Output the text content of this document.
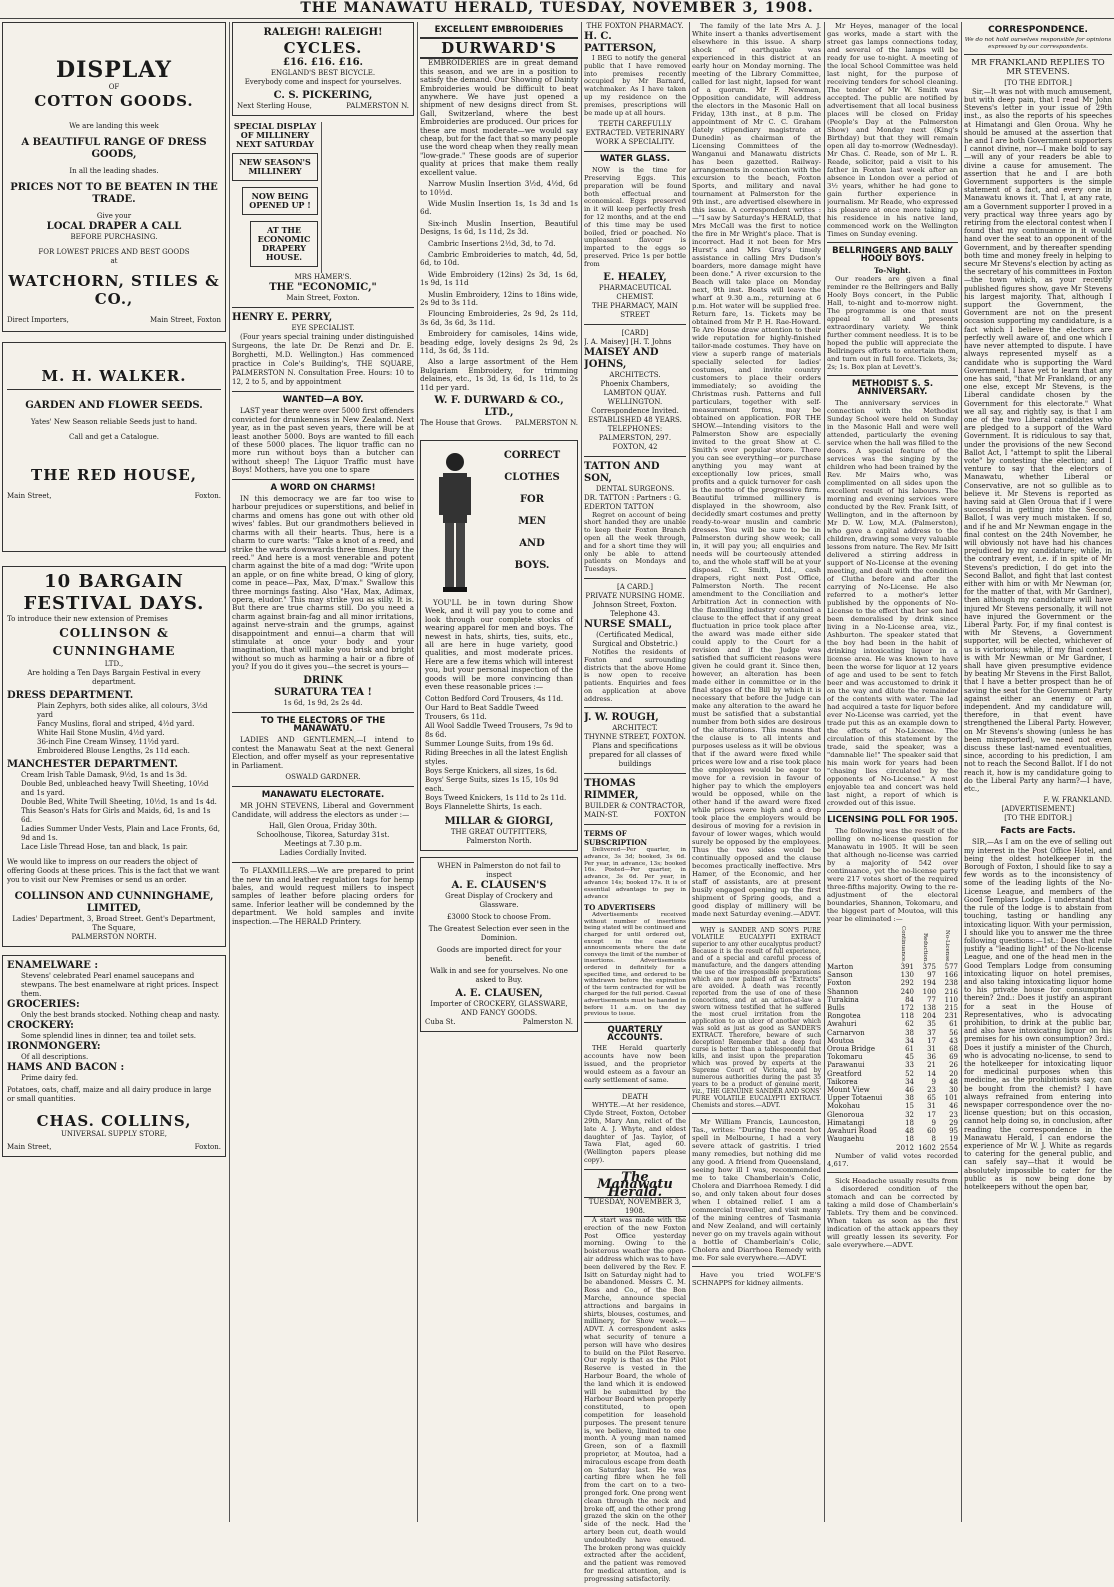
THE MANAWATU HERALD, TUESDAY, NOVEMBER 3, 1908.
DISPLAY
OF
COTTON GOODS.
We are landing this week
A BEAUTIFUL RANGE OF DRESS GOODS,
In all the leading shades.
PRICES NOT TO BE BEATEN IN THE TRADE.
Give your
LOCAL DRAPER A CALL
BEFORE PURCHASING.
FOR LOWEST PRICES AND BEST GOODS
at
WATCHORN, STILES & CO.,
Direct Importers,	Main Street, Foxton
M. H. WALKER.
GARDEN AND FLOWER SEEDS.
Yates' New Season reliable Seeds just to hand.
Call and get a Catalogue.
THE RED HOUSE,
Main Street,	Foxton.
10 BARGAIN FESTIVAL DAYS.
To introduce their new extension of Premises
COLLINSON & CUNNINGHAME
LTD.,
Are holding a Ten Days Bargain Festival in every department.
DRESS DEPARTMENT.
Plain Zephyrs, both sides alike, all colours, 3½d yard
Fancy Muslins, floral and striped, 4½d yard.
White Hail Stone Muslin, 4½d yard.
36-inch Fine Cream Winsey, 11½d yard.
Embroidered Blouse Lengths, 2s 11d each.
MANCHESTER DEPARTMENT.
Cream Irish Table Damask, 9½d, 1s and 1s 3d.
Double Bed, unbleached heavy Twill Sheeting, 10½d and 1s yard.
Double Bed, White Twill Sheeting, 10½d, 1s and 1s 4d.
This Season's Hats for Girls and Maids, 6d, 1s and 1s 6d.
Ladies Summer Under Vests, Plain and Lace Fronts, 6d, 9d and 1s.
Lace Lisle Thread Hose, tan and black, 1s pair.
We would like to impress on our readers the object of offering Goods at these prices. This is the fact that we want you to visit our New Premises or send us an order.
COLLINSON AND CUNNINGHAME, LIMITED,
Ladies' Department, 3, Broad Street. Gent's Department, The Square,
PALMERSTON NORTH.
ENAMELWARE :
Stevens' celebrated Pearl enamel saucepans and stewpans. The best enamelware at right prices. Inspect them.
GROCERIES:
Only the best brands stocked. Nothing cheap and nasty.
CROCKERY:
Some splendid lines in dinner, tea and toilet sets.
IRONMONGERY:
Of all descriptions.
HAMS AND BACON :
Prime dairy fed.
Potatoes, oats, chaff, maize and all dairy produce in large or small quantities.
CHAS. COLLINS,
UNIVERSAL SUPPLY STORE,
Main Street,	Foxton.
RALEIGH! RALEIGH!
CYCLES.
£16. £16. £16.
ENGLAND'S BEST BICYCLE.
Everybody come and inspect for yourselves.
C. S. PICKERING,
Next Sterling House,	PALMERSTON N.
SPECIAL DISPLAY OF MILLINERY NEXT SATURDAY
NEW SEASON'S MILLINERY
NOW BEING OPENED UP !
AT THE ECONOMIC DRAPERY HOUSE.
MRS HAMER'S.
THE "ECONOMIC,"
Main Street, Foxton.
HENRY E. PERRY,
EYE SPECIALIST.

(Four years special training under distinguished Surgeons, the late Dr. De Renzi and Dr. E. Borghetti, M.D. Wellington.) Has commenced practice in Cole's Building's, THE SQUARE, PALMERSTON N. Consultation Free. Hours: 10 to 12, 2 to 5, and by appointment

WANTED—A BOY.

LAST year there were over 5000 first offenders convicted for drunkenness in New Zealand. Next year, as in the past seven years, there will be at least another 5000. Boys are wanted to fill each of these 5000 places. The liquor traffic can no more run without boys than a butcher can without sheep! The Liquor Traffic must have Boys! Mothers, have you one to spare

A WORD ON CHARMS!

IN this democracy we are far too wise to harbour prejudices or superstitions, and belief in charms and omens has gone out with other old wives' fables. But our grandmothers believed in charms with all their hearts. Thus, here is a charm to cure warts: "Take a knot of a reed, and strike the warts downwards three times. Bury the reed." And here is a most venerable and potent charm against the bite of a mad dog: "Write upon an apple, or on fine white bread, O king of glory, come in peace—Pax, Max, D'max." Swallow this three mornings fasting. Also "Hax, Max, Adimax, opera, eludor." This may strike you as silly. It is. But there are true charms still. Do you need a charm against brain-fag and all minor irritations, against nerve-strain and the grumps, against disappointment and ennui—a charm that will stimulate at once your body and your imagination, that will make you brisk and bright without so much as harming a hair or a fibre of you? If you do it gives you—the secret is yours—

DRINK
SURATURA TEA !
1s 6d, 1s 9d, 2s 2s 4d.
TO THE ELECTORS OF THE MANAWATU.

LADIES AND GENTLEMEN,—I intend to contest the Manawatu Seat at the next General Election, and offer myself as your representative in Parliament.

OSWALD GARDNER.
MANAWATU ELECTORATE.

MR JOHN STEVENS, Liberal and Government Candidate, will address the electors as under :—

Hall, Glen Oroua, Friday 30th.
Schoolhouse, Tikorea, Saturday 31st.
Meetings at 7.30 p.m.
Ladies Cordially Invited.

To FLAXMILLERS.—We are prepared to print the new tin and leather regulation tags for hemp bales, and would request millers to inspect samples of leather before placing orders for same. Inferior leather will be condemned by the department. We hold samples and invite inspection.—The HERALD Printery.

EXCELLENT EMBROIDERIES
DURWARD'S

EMBROIDERIES are in great demand this season, and we are in a position to satisfy the demand. Our Showing of Dainty Embroideries would be difficult to beat anywhere. We have just opened a shipment of new designs direct from St. Gall, Switzerland, where the best Embroideries are produced. Our prices for these are most moderate—we would say cheap, but for the fact that so many people use the word cheap when they really mean "low-grade." These goods are of superior quality at prices that make them really excellent value.

Narrow Muslin Insertion 3½d, 4½d, 6d to 10½d.

Wide Muslin Insertion 1s, 1s 3d and 1s 6d.

Six-inch Muslin Insertion, Beautiful Designs, 1s 6d, 1s 11d, 2s 3d.

Cambric Insertions 2½d, 3d, to 7d.

Cambric Embroideries to match, 4d, 5d, 6d, to 10d.

Wide Embroidery (12ins) 2s 3d, 1s 6d, 1s 9d, 1s 11d

Muslin Embroidery, 12ins to 18ins wide, 2s 9d to 3s 11d.

Flouncing Embroideries, 2s 9d, 2s 11d, 3s 6d, 3s 6d, 3s 11d.

Embroidery for camisoles, 14ins wide, beading edge, lovely designs 2s 9d, 2s 11d, 3s 6d, 3s 11d.

Also a large assortment of the Hem Bulgariam Embroidery, for trimming delaines, etc., 1s 3d, 1s 6d, 1s 11d, to 2s 11d per yard.

W. F. DURWARD & CO., LTD.,
The House that Grows. PALMERSTON N.
CORRECT
CLOTHES
FOR
MEN
AND
BOYS.

YOU'LL be in town during Show Week, and it will pay you to come and look through our complete stocks of wearing apparel for men and boys. The newest in hats, shirts, ties, suits, etc., all are here in huge variety, good qualities, and most moderate prices. Here are a few items which will interest you, but your personal inspection of the goods will be more convincing than even these reasonable prices :—

Cotton Bedford Cord Trousers, 4s 11d.
Our Hard to Beat Saddle Tweed Trousers, 6s 11d.
All Wool Saddle Tweed Trousers, 7s 9d to 8s 6d.
Summer Lounge Suits, from 19s 6d.
Riding Breeches in all the latest English styles.
Boys Serge Knickers, all sizes, 1s 6d.
Boys' Serge Suits, sizes 1s 15, 10s 9d each.
Boys Tweed Knickers, 1s 11d to 2s 11d.
Boys Flannelette Shirts, 1s each.
MILLAR & GIORGI,
THE GREAT OUTFITTERS,
Palmerston North.
WHEN in Palmerston do not fail to inspect
A. E. CLAUSEN'S
Great Display of Crockery and Glassware.
£3000 Stock to choose From.
The Greatest Selection ever seen in the Dominion.
Goods are imported direct for your benefit.
Walk in and see for yourselves. No one asked to Buy.
A. E. CLAUSEN,
Importer of CROCKERY, GLASSWARE, AND FANCY GOODS.
Cuba St.	Palmerston N.
THE FOXTON PHARMACY.
H. C. PATTERSON,

I BEG to notify the general public that I have removed into premises recently occupied by Mr Barnard, watchmaker. As I have taken up my residence on the premises, prescriptions will be made up at all hours.

TEETH CAREFULLY EXTRACTED. VETERINARY WORK A SPECIALITY.
WATER GLASS.

NOW is the time for Preserving Eggs. This preparation will be found both effectual and economical. Eggs preserved in it will keep perfectly fresh for 12 months, and at the end of this time may be used boiled, fried or poached. No unpleasant flavour is imparted to the eggs so preserved. Price 1s per bottle from

E. HEALEY,
PHARMACEUTICAL CHEMIST.
THE PHARMACY, MAIN STREET
[CARD]
J. A. Maisey] [H. T. Johns
MAISEY AND JOHNS,
ARCHITECTS.
Phoenix Chambers,
LAMBTON QUAY. WELLINGTON.
Correspondence Invited.
ESTABLISHED 48 YEARS.
TELEPHONES:
PALMERSTON, 297. FOXTON, 42
TATTON AND SON,
DENTAL SURGEONS.
DR. TATTON : Partners : G. EDERTON TATTON

Regret on account of being short handed they are unable to keep their Foxton Branch open all the week through, and for a short time they will only be able to attend patients on Mondays and Tuesdays.

[A CARD.]
PRIVATE NURSING HOME.
Johnson Street, Foxton.
Telephone 43.
NURSE SMALL,
(Certificated Medical, Surgical and Obstetric.)

Notifies the residents of Foxton and surrounding districts that the above Home is now open to receive patients. Enquiries and fees on application at above address.

J. W. ROUGH,
ARCHITECT.
THYNNE STREET, FOXTON.
Plans and specifications prepared for all classes of buildings
THOMAS RIMMER,
BUILDER & CONTRACTOR,
MAIN-ST.	FOXTON
TERMS OF SUBSCRIPTION

Delivered—Per quarter, in advance, 3s 3d; booked, 3s 6d. Per year, in advance, 13s; booked 16s. Posted—Per quarter, in advance, 3s 6d. Per year, in advance 14s; booked 17s. It is of essential advantage to pay in advance

TO ADVERTISERS

Advertisements received without number of insertions being stated will be continued and charged for until ordered out, except in the case of announcements where the date conveys the limit of the number of insertions. Advertisements ordered in definitely for a specified time, and ordered to be withdrawn before the expiration of the term contracted for will be charged for the full period. Casual advertisements must be handed in before 11 a.m. on the day previous to issue.

QUARTERLY ACCOUNTS.

THE Herald quarterly accounts have now been issued, and the proprietor would esteem as a favour an early settlement of same.

DEATH

WHYTE.—At her residence, Clyde Street, Foxton, October 29th, Mary Ann, relict of the late A. J. Whyte, and eldest daughter of Jas. Taylor, of Tawa Flat, aged 60. (Wellington papers please copy).

The Manawatu Herald.
TUESDAY, NOVEMBER 3, 1908.

A start was made with the erection of the new Foxton Post Office yesterday morning. Owing to the boisterous weather the open-air address which was to have been delivered by the Rev. F. Isitt on Saturday night had to be abandoned. Messrs C. M. Ross and Co., of the Bon Marche, announce special attractions and bargains in shirts, blouses, costumes, and millinery, for Show week.—ADVT. A correspondent asks what security of tenure a person will have who desires to build on the Pilot Reserve. Our reply is that as the Pilot Reserve is vested in the Harbour Board, the whole of the land which it is endowed will be submitted by the Harbour Board when properly constituted, to open competition for leasehold purposes. The present tenure is, we believe, limited to one month. A young man named Green, son of a flaxmill proprietor, at Moutoa, had a miraculous escape from death on Saturday last. He was carting fibre when he fell from the cart on to a two-pronged fork. One prong went clean through the neck and broke off, and the other prong grazed the skin on the other side of the neck. Had the artery been cut, death would undoubtedly have ensued. The broken prong was quickly extracted after the accident, and the patient was removed for medical attention, and is progressing satisfactorily.

The family of the late Mrs A. J. White insert a thanks advertisement elsewhere in this issue. A sharp shock of earthquake was experienced in this district at an early hour on Monday morning. The meeting of the Library Committee, called for last night, lapsed for want of a quorum. Mr F. Newman, Opposition candidate, will address the electors in the Masonic Hall on Friday, 13th inst., at 8 p.m. The appointment of Mr C. C. Graham (lately stipendiary magistrate at Dunedin) as chairman of the Licensing Committees of the Wanganui and Manawatu districts has been gazetted. Railway-arrangements in connection with the excursion to the beach, Foxton Sports, and military and naval tournament at Palmerston for the 9th inst., are advertised elsewhere in this issue. A correspondent writes :—"I saw by Saturday's HERALD, that Mrs McCall was the first to notice the fire in Mr Wright's place. That is incorrect. Had it not been for Mrs Hurst's and Mrs Gray's timely assistance in calling Mrs Dudson's boarders, more damage might have been done." A river excursion to the Beach will take place on Monday next, 9th inst. Boats will leave the wharf at 9.30 a.m., returning at 6 p.m. Hot water will be supplied free. Return fare, 1s. Tickets may be obtained from Mr P. H. Rae-Howard. Te Aro House draw attention to their wide reputation for highly-finished tailor-made costumes. They have on view a superb range of materials specially selected for ladies' costumes, and invite country customers to place their orders immediately; so avoiding the Christmas rush. Patterns and full particulars, together with self-measurement forms, may be obtained on application. FOR THE SHOW.—Intending visitors to the Palmerston Show are especially invited to the great Show at C. Smith's ever popular store. There you can see everything—or purchase anything you may want at exceptionally low prices, small profits and a quick turnover for cash is the motto of the progressive firm. Beautiful trimmed millinery is displayed in the showroom, also decidedly smart costumes and pretty ready-to-wear muslin and cambric dresses. You will be sure to be in Palmerston during show week; call in, it will pay you; all enquiries and needs will be courteously attended to, and the whole staff will be at your disposal. C. Smith, Ltd., cash drapers, right next Post Office, Palmerston North. The recent amendment to the Conciliation and Arbitration Act in connection with the flaxmilling industry contained a clause to the effect that if any great fluctuation in price took place after the award was made either side could apply to the Court for a revision and if the Judge was satisfied that sufficient reasons were given he could grant it. Since then, however, an alteration has been made either in committee or in the final stages of the Bill by which it is necessary that before the Judge can make any alteration to the award he must be satisfied that a substantial number from both sides are desirous of the alterations. This means that the clause is to all intents and purposes useless as it will be obvious that if the award were fixed while prices were low and a rise took place the employees would be eager to move for a revision in favour of higher pay to which the employers would be opposed, while on the other hand if the award were fixed while prices were high and a drop took place the employers would be desirous of moving for a revision in favour of lower wages, which would surely be opposed by the employees. Thus the two sides would be continually opposed and the clause becomes practically ineffective. Mrs Hamer, of the Economic, and her staff of assistants, are at present busily engaged opening up the first shipment of Spring goods, and a good display of millinery will be made next Saturday evening.—ADVT.

WHY is SANDER AND SON'S PURE VOLATILE EUCALYPTI EXTRACT superior to any other eucalyptus product? Because it is the result of full experience, and of a special and careful process of manufacture, and the dangers attending the use of the irresponsible preparations which are now palmed off as "Extracts" are avoided. A death was recently reported from the use of one of these concoctions, and at an action-at-law a sworn witness testified that he suffered the most cruel irritation from the application to an ulcer of another which was sold as just as good as SANDER'S EXTRACT. Therefore, beware of such deception! Remember that a deep foul curse is better than a tablespoonful that kills, and insist upon the preparation which was proved by experts at the Supreme Court of Victoria, and by numerous authorities during the past 35 years to be a product of genuine merit, viz., THE GENUINE SANDER AND SONS' PURE VOLATILE EUCALYPTI EXTRACT. Chemists and stores.—ADVT.

Mr William Francis, Launceston, Tas., writes: "During the recent hot spell in Melbourne, I had a very severe attack of gastritis. I tried many remedies, but nothing did me any good. A friend from Queensland, seeing how ill I was, recommended me to take Chamberlain's Colic, Cholera and Diarrhoea Remedy. I did so, and only taken about four doses when I obtained relief. I am a commercial traveller, and visit many of the mining centres of Tasmania and New Zealand, and will certainly never go on my travels again without a bottle of Chamberlain's Colic, Cholera and Diarrhoea Remedy with me. For sale everywhere.—ADVT.

Have you tried WOLFE'S SCHNAPPS for kidney ailments.

Mr Heyes, manager of the local gas works, made a start with the street gas lamps connections today, and several of the lamps will be ready for use to-night. A meeting of the local School Committee was held last night, for the purpose of receiving tenders for school cleaning. The tender of Mr W. Smith was accepted. The public are notified by advertisement that all local business places will be closed on Friday (People's Day at the Palmerston Show) and Monday next (King's Birthday) but that they will remain open all day to-morrow (Wednesday). Mr Chas. C. Reade, son of Mr L. R. Reade, solicitor, paid a visit to his father in Foxton last week after an absence in London over a period of 3½ years, whither he had gone to gain further experience in journalism. Mr Reade, who expressed his pleasure at once more taking up his residence in his native land, commenced work on the Wellington Times on Sunday evening.

BELLRINGERS AND BALLY HOOLY BOYS.
To-Night.

Our readers are given a final reminder re the Bellringers and Bally Hooly Boys concert, in the Public Hall, to-night and to-morrow night. The programme is one that must appeal to all and presents extraordinary variety. We think further comment needless. It is to be hoped the public will appreciate the Bellringers efforts to entertain them, and turn out in full force. Tickets, 3s; 2s; 1s. Box plan at Levett's.

METHODIST S. S. ANNIVERSARY.

The anniversary services in connection with the Methodist Sunday School were held on Sunday in the Masonic Hall and were well attended, particularly the evening service when the hall was filled to the doors. A special feature of the services was the singing by the children who had been trained by the Rev. Mr Mairs who, was complimented on all sides upon the excellent result of his labours. The morning and evening services were conducted by the Rev. Frank Isitt, of Wellington, and in the afternoon by Mr D. W. Low, M.A. (Palmerston), who gave a capital address to the children, drawing some very valuable lessons from nature. The Rev. Mr Isitt delivered a stirring address in support of No-License at the evening meeting, and dealt with the condition of Clutha before and after the carrying of No-License. He also referred to a mother's letter published by the opponents of No-License to the effect that her son had been demoralised by drink since living in a No-License area, viz., Ashburton. The speaker stated that the boy had been in the habit of drinking intoxicating liquor in a license area. He was known to have been the worse for liquor at 12 years of age and used to be sent to fetch beer and was accustomed to drink it on the way and dilute the remainder of the contents with water. The lad had acquired a taste for liquor before ever No-License was carried, yet the trade put this as an example down to the effects of No-License. The circulation of this statement by the trade, said the speaker, was a "damnable lie!" The speaker said that his main work for years had been "chasing lies circulated by the opponents of No-License." A most enjoyable tea and concert was held last night, a report of which is crowded out of this issue.

LICENSING POLL FOR 1905.

The following was the result of the polling on no-license question for Manawatu in 1905. It will be seen that although no-license was carried by a majority of 542 over continuance, yet the no-license party were 217 votes short of the required three-fifths majority. Owing to the re-adjustment of the electoral boundaries, Shannon, Tokomaru, and the biggest part of Moutoa, will this year be eliminated :—

	Continuance.	Reduction.	No-License.
Marton	391	375	577
Sanson	130	97	166
Foxton	292	194	238
Shannon	240	100	216
Turakina	84	77	110
Bulls	172	138	215
Rongotea	118	204	231
Awahuri	62	35	61
Carnarvon	38	37	56
Moutoa	34	17	43
Oroua Bridge	61	31	68
Tokomaru	45	36	69
Parawanui	33	21	26
Greatford	52	14	20
Taikorea	34	9	48
Mount View	46	23	30
Upper Totaenui	38	65	101
Mokohau	15	31	46
Glenoroua	32	17	23
Himatangi	18	9	29
Awahuri Road	48	60	95
Waugaehu	18	8	19
	2012	1602	2554

Number of valid votes recorded 4,617.

Sick Headache usually results from a disordered condition of the stomach and can be corrected by taking a mild dose of Chamberlain's Tablets. Try them and be convinced. When taken as soon as the first indication of the attack appears they will greatly lessen its severity. For sale everywhere.—ADVT.

CORRESPONDENCE.
We do not hold ourselves responsible for opinions expressed by our correspondents.
MR FRANKLAND REPLIES TO MR STEVENS.
[TO THE EDITOR.]

Sir,—It was not with much amusement, but with deep pain, that I read Mr John Stevens's letter in your issue of 29th inst., as also the reports of his speeches at Himatangi and Glen Oroua. Why he should be amused at the assertion that he and I are both Government supporters I cannot divine, nor—I make bold to say—will any of your readers be able to divine a cause for amusement. The assertion that he and I are both Government supporters is the simple statement of a fact, and every one in Manawatu knows it. That I, at any rate, am a Government supporter I proved in a very practical way three years ago by retiring from the electoral contest when I found that my continuance in it would hand over the seat to an opponent of the Government, and by thereafter spending both time and money freely in helping to secure Mr Stevens's election by acting as the secretary of his committees in Foxton—the town which, as your recently published figures show, gave Mr Stevens his largest majority. That, although I support the Government, the Government are not on the present occasion supporting my candidature, is a fact which I believe the electors are perfectly well aware of, and one which I have never attempted to dispute. I have always represented myself as a candidate who is supporting the Ward Government. I have yet to learn that any one has said, "that Mr Frankland, or any one else, except Mr Stevens, is the Liberal candidate chosen by the Government for this electorate." What we all say, and rightly say, is that I am one of the two Liberal candidates who are pledged to a support of the Ward Government. It is ridiculous to say that, under the provisions of the new Second Ballot Act, I "attempt to split the Liberal vote" by contesting the election; and I venture to say that the electors of Manawatu, whether Liberal or Conservative, are not so gullible as to believe it. Mr Stevens is reported as having said at Glen Oroua that if I were successful in getting into the Second Ballot, I was very much mistaken. If so, and if he and Mr Newman engage in the final contest on the 24th November, he will obviously not have had his chances prejudiced by my candidature; while, in the contrary event, i.e. if in spite of Mr Stevens's prediction, I do get into the Second Ballot, and fight that last contest either with him or with Mr Newman (or, for the matter of that, with Mr Gardner), then although my candidature will have injured Mr Stevens personally, it will not have injured the Government or the Liberal Party. For, if my final contest is with Mr Stevens, a Government supporter, will be elected, whichever of us is victorious; while, if my final contest is with Mr Newman or Mr Gardner, I shall have given presumptive evidence by beating Mr Stevens in the First Ballot, that I have a better prospect than he of saving the seat for the Government Party against either an enemy or an independent. And my candidature will, therefore, in that event have strengthened the Liberal Party. However, on Mr Stevens's showing (unless he has been misreported), we need not even discuss these last-named eventualities, since, according to his prediction, I am not to reach the Second Ballot. If I do not reach it, how is my candidature going to do the Liberal Party any harm?—I have, etc.,

F. W. FRANKLAND.
[ADVERTISEMENT.]
[TO THE EDITOR.]
Facts are Facts.

SIR,—As I am on the eve of selling out my interest in the Post Office Hotel, and being the oldest hotelkeeper in the Borough of Foxton, I should like to say a few words as to the inconsistency of some of the leading lights of the No-License League, and members of the Good Templars Lodge. I understand that the rule of the lodge is to abstain from touching, tasting or handling any intoxicating liquor. With your permission, I should like you to answer me the three following questions:—1st.: Does that rule justify a "leading light" of the No-license League, and one of the head men in the Good Templars Lodge from consuming intoxicating liquor on hotel premises, and also taking intoxicating liquor home to his private house for consumption therein? 2nd.: Does it justify an aspirant for a seat in the House of Representatives, who is advocating prohibition, to drink at the public bar, and also have intoxicating liquor on his premises for his own consumption? 3rd.: Does it justify a minister of the Church, who is advocating no-license, to send to the hotelkeeper for intoxicating liquor for medicinal purposes when this medicine, as the prohibitionists say, can be bought from the chemist? I have always refrained from entering into newspaper correspondence over the no-license question; but on this occasion, cannot help doing so, in conclusion, after reading the correspondence in the Manawatu Herald, I can endorse the experience of Mr W. J. White as regards to catering for the general public, and can safely say—that it would be absolutely impossible to cater for the public as is now being done by hotelkeepers without the open bar,
